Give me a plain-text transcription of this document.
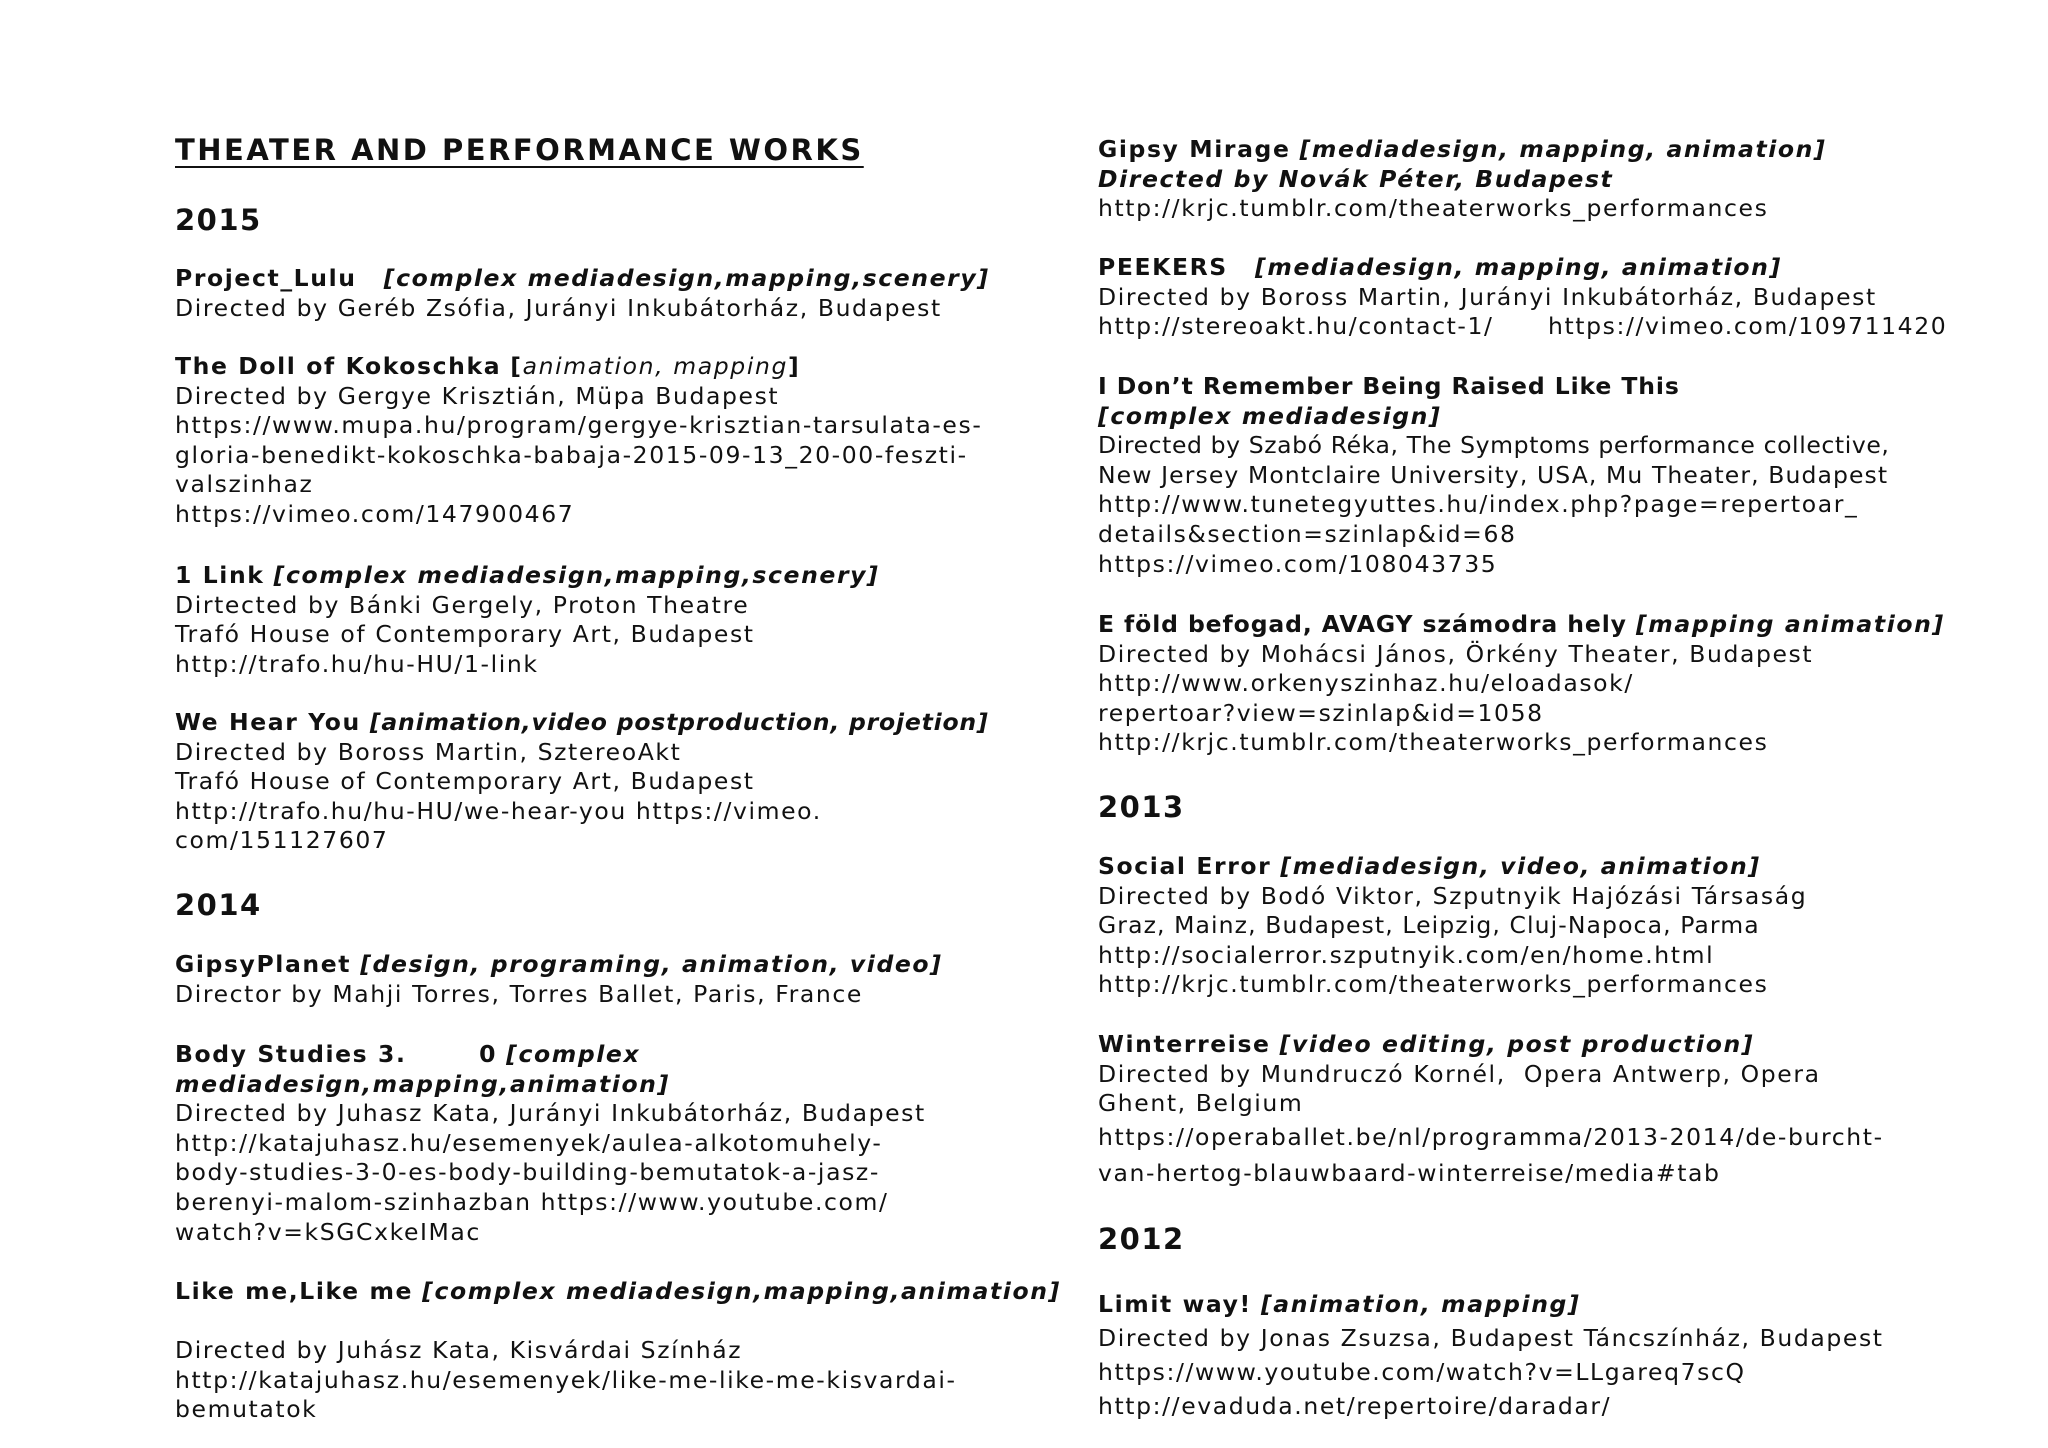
THEATER AND PERFORMANCE WORKS
2015
Project_Lulu [complex mediadesign,mapping,scenery]
Directed by Geréb Zsófia, Jurányi Inkubátorház, Budapest
The Doll of Kokoschka [animation, mapping]
Directed by Gergye Krisztián, Müpa Budapest
https://www.mupa.hu/program/gergye-krisztian-tarsulata-es-
gloria-benedikt-kokoschka-babaja-2015-09-13_20-00-feszti-
valszinhaz
https://vimeo.com/147900467
1 Link [complex mediadesign,mapping,scenery]
Dirtected by Bánki Gergely, Proton Theatre
Trafó House of Contemporary Art, Budapest
http://trafo.hu/hu-HU/1-link
We Hear You [animation,video postproduction, projetion]
Directed by Boross Martin, SztereoAkt
Trafó House of Contemporary Art, Budapest
http://trafo.hu/hu-HU/we-hear-you https://vimeo.
com/151127607
2014
GipsyPlanet [design, programing, animation, video]
Director by Mahji Torres, Torres Ballet, Paris, France
Body Studies 3.	0 [complex
mediadesign,mapping,animation]
Directed by Juhasz Kata, Jurányi Inkubátorház, Budapest
http://katajuhasz.hu/esemenyek/aulea-alkotomuhely-
body-studies-3-0-es-body-building-bemutatok-a-jasz-
berenyi-malom-szinhazban https://www.youtube.com/
watch?v=kSGCxkeIMac
Like me,Like me [complex mediadesign,mapping,animation]
Directed by Juhász Kata, Kisvárdai Színház
http://katajuhasz.hu/esemenyek/like-me-like-me-kisvardai-
bemutatok
Gipsy Mirage [mediadesign, mapping, animation]
Directed by Novák Péter, Budapest
http://krjc.tumblr.com/theaterworks_performances
PEEKERS [mediadesign, mapping, animation]
Directed by Boross Martin, Jurányi Inkubátorház, Budapest
http://stereoakt.hu/contact-1/      https://vimeo.com/109711420
I Don’t Remember Being Raised Like This
[complex mediadesign]
Directed by Szabó Réka, The Symptoms performance collective,
New Jersey Montclaire University, USA, Mu Theater, Budapest
http://www.tunetegyuttes.hu/index.php?page=repertoar_
details&section=szinlap&id=68
https://vimeo.com/108043735
E föld befogad, AVAGY számodra hely [mapping animation]
Directed by Mohácsi János, Örkény Theater, Budapest
http://www.orkenyszinhaz.hu/eloadasok/
repertoar?view=szinlap&id=1058
http://krjc.tumblr.com/theaterworks_performances
2013
Social Error [mediadesign, video, animation]
Directed by Bodó Viktor, Szputnyik Hajózási Társaság
Graz, Mainz, Budapest, Leipzig, Cluj-Napoca, Parma
http://socialerror.szputnyik.com/en/home.html
http://krjc.tumblr.com/theaterworks_performances
Winterreise [video editing, post production]
Directed by Mundruczó Kornél,  Opera Antwerp, Opera
Ghent, Belgium
https://operaballet.be/nl/programma/2013-2014/de-burcht-
van-hertog-blauwbaard-winterreise/media#tab
2012
Limit way! [animation, mapping]
Directed by Jonas Zsuzsa, Budapest Táncszínház, Budapest
https://www.youtube.com/watch?v=LLgareq7scQ
http://evaduda.net/repertoire/daradar/
